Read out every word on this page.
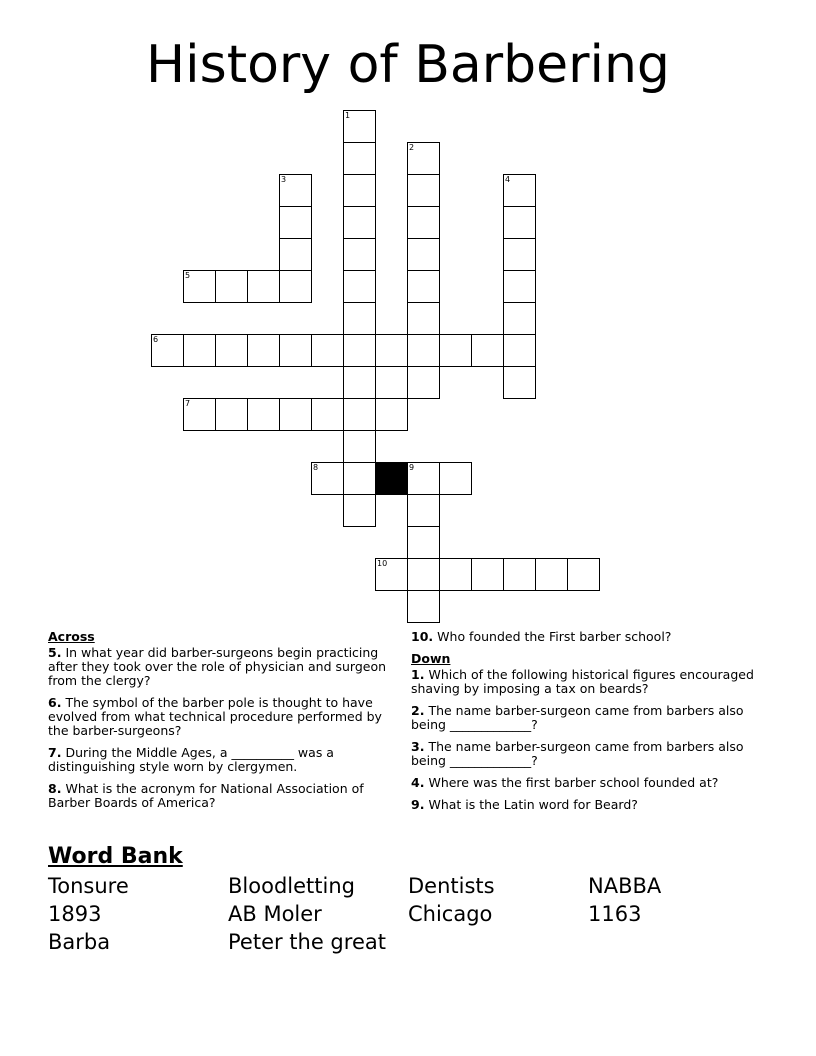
History of Barbering
1
2
3	4
5
6
7
8	9
10
Across
5. In what year did barber-surgeons begin practicing after they took over the role of physician and surgeon from the clergy?
6. The symbol of the barber pole is thought to have evolved from what technical procedure performed by the barber-surgeons?
7. During the Middle Ages, a __________ was a distinguishing style worn by clergymen.
8. What is the acronym for National Association of Barber Boards of America?
10. Who founded the First barber school?
Down
1. Which of the following historical figures encouraged shaving by imposing a tax on beards?
2. The name barber-surgeon came from barbers also being _____________?
3. The name barber-surgeon came from barbers also being _____________?
4. Where was the first barber school founded at?
9. What is the Latin word for Beard?
Word Bank
Tonsure	Bloodletting	Dentists	NABBA
1893	AB Moler	Chicago	1163
Barba	Peter the great
